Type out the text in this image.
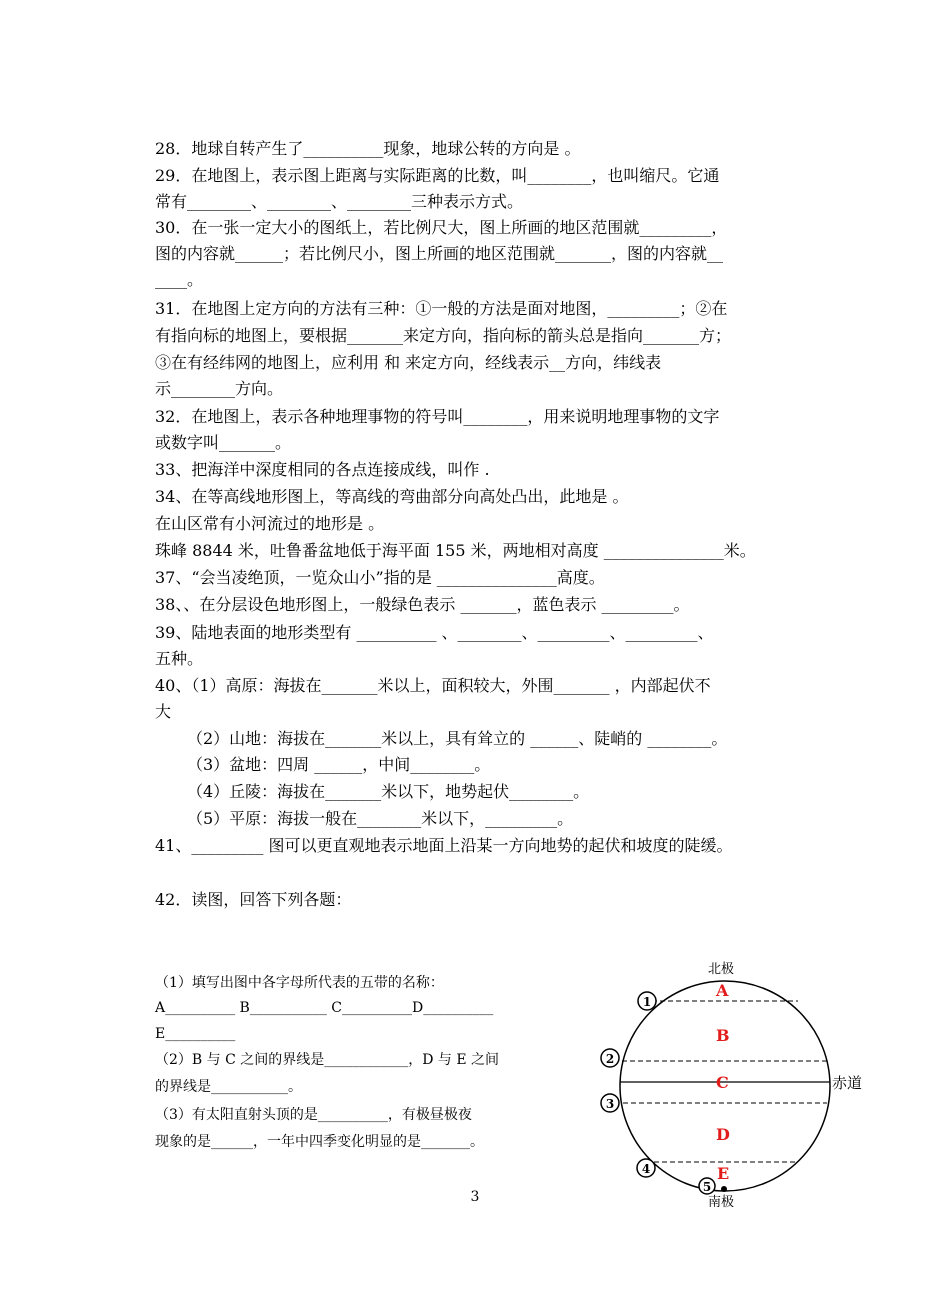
28．地球自转产生了__________现象，地球公转的方向是 。
29．在地图上，表示图上距离与实际距离的比数，叫________，也叫缩尺。它通
常有________、________、________三种表示方式。
30．在一张一定大小的图纸上，若比例尺大，图上所画的地区范围就_________，
图的内容就______；若比例尺小，图上所画的地区范围就_______，图的内容就__
____。
31．在地图上定方向的方法有三种：①一般的方法是面对地图，_________；②在
有指向标的地图上，要根据_______来定方向，指向标的箭头总是指向_______方；
③在有经纬网的地图上，应利用 和 来定方向，经线表示__方向，纬线表
示________方向。
32．在地图上，表示各种地理事物的符号叫________，用来说明地理事物的文字
或数字叫_______。
33、把海洋中深度相同的各点连接成线，叫作 .
34、在等高线地形图上，等高线的弯曲部分向高处凸出，此地是 。
在山区常有小河流过的地形是 。
珠峰 8844 米，吐鲁番盆地低于海平面 155 米，两地相对高度 _______________米。
37、“会当凌绝顶，一览众山小”指的是 _______________高度。
38、、在分层设色地形图上，一般绿色表示 _______，蓝色表示 _________。
39、陆地表面的地形类型有 __________ 、________、_________、_________、
五种。
40、（1）高原：海拔在_______米以上，面积较大，外围_______ ，内部起伏不
大
（2）山地：海拔在_______米以上，具有耸立的 ______、陡峭的 ________。
（3）盆地：四周 ______，中间________。
（4）丘陵：海拔在_______米以下，地势起伏________。
（5）平原：海拔一般在________米以下，_________。
41、_________ 图可以更直观地表示地面上沿某一方向地势的起伏和坡度的陡缓。
42．读图，回答下列各题：
（1）填写出图中各字母所代表的五带的名称：
A__________ B___________ C__________D__________
E__________
（2）B 与 C 之间的界线是____________，D 与 E 之间
的界线是___________。
（3）有太阳直射头顶的是__________，有极昼极夜
现象的是______，一年中四季变化明显的是_______。
北极
南极
赤道
A
B
C
D
E
1
2
3
4
5
3
